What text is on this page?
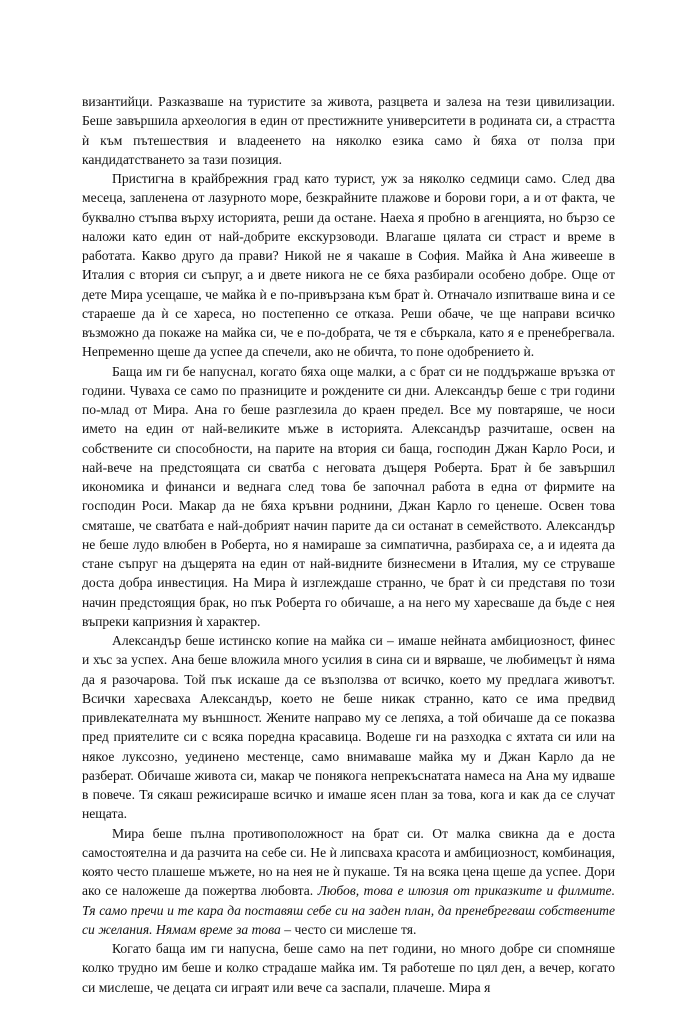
византийци. Разказваше на туристите за живота, разцвета и залеза на тези цивилизации. Беше завършила археология в един от престижните университети в родината си, а страстта ѝ към пътешествия и владеенето на няколко езика само ѝ бяха от полза при кандидатстването за тази позиция.

Пристигна в крайбрежния град като турист, уж за няколко седмици само. След два месеца, запленена от лазурното море, безкрайните плажове и борови гори, а и от факта, че буквално стъпва върху историята, реши да остане. Наеха я пробно в агенцията, но бързо се наложи като един от най-добрите екскурзоводи. Влагаше цялата си страст и време в работата. Какво друго да прави? Никой не я чакаше в София. Майка ѝ Ана живееше в Италия с втория си съпруг, а и двете никога не се бяха разбирали особено добре. Още от дете Мира усещаше, че майка ѝ е по-привързана към брат ѝ. Отначало изпитваше вина и се стараеше да ѝ се хареса, но постепенно се отказа. Реши обаче, че ще направи всичко възможно да покаже на майка си, че е по-добрата, че тя е сбъркала, като я е пренебрегвала. Непременно щеше да успее да спечели, ако не обичта, то поне одобрението ѝ.

Баща им ги бе напуснал, когато бяха още малки, а с брат си не поддържаше връзка от години. Чуваха се само по празниците и рождените си дни. Александър беше с три години по-млад от Мира. Ана го беше разглезила до краен предел. Все му повтаряше, че носи името на един от най-великите мъже в историята. Александър разчиташе, освен на собствените си способности, на парите на втория си баща, господин Джан Карло Роси, и най-вече на предстоящата си сватба с неговата дъщеря Роберта. Брат ѝ бе завършил икономика и финанси и веднага след това бе започнал работа в една от фирмите на господин Роси. Макар да не бяха кръвни роднини, Джан Карло го ценеше. Освен това смяташе, че сватбата е най-добрият начин парите да си останат в семейството. Александър не беше лудо влюбен в Роберта, но я намираше за симпатична, разбираха се, а и идеята да стане съпруг на дъщерята на един от най-видните бизнесмени в Италия, му се струваше доста добра инвестиция. На Мира ѝ изглеждаше странно, че брат ѝ си представя по този начин предстоящия брак, но пък Роберта го обичаше, а на него му харесваше да бъде с нея въпреки капризния ѝ характер.

Александър беше истинско копие на майка си – имаше нейната амбициозност, финес и хъс за успех. Ана беше вложила много усилия в сина си и вярваше, че любимецът ѝ няма да я разочарова. Той пък искаше да се възползва от всичко, което му предлага животът. Всички харесваха Александър, което не беше никак странно, като се има предвид привлекателната му външност. Жените направо му се лепяха, а той обичаше да се показва пред приятелите си с всяка поредна красавица. Водеше ги на разходка с яхтата си или на някое луксозно, уединено местенце, само внимаваше майка му и Джан Карло да не разберат. Обичаше живота си, макар че понякога непрекъснатата намеса на Ана му идваше в повече. Тя сякаш режисираше всичко и имаше ясен план за това, кога и как да се случат нещата.

Мира беше пълна противоположност на брат си. От малка свикна да е доста самостоятелна и да разчита на себе си. Не ѝ липсваха красота и амбициозност, комбинация, която често плашеше мъжете, но на нея не ѝ пукаше. Тя на всяка цена щеше да успее. Дори ако се наложеше да пожертва любовта. Любов, това е илюзия от приказките и филмите. Тя само пречи и те кара да поставяш себе си на заден план, да пренебрегваш собствените си желания. Нямам време за това – често си мислеше тя.

Когато баща им ги напусна, беше само на пет години, но много добре си спомняше колко трудно им беше и колко страдаше майка им. Тя работеше по цял ден, а вечер, когато си мислеше, че децата си играят или вече са заспали, плачеше. Мира я
